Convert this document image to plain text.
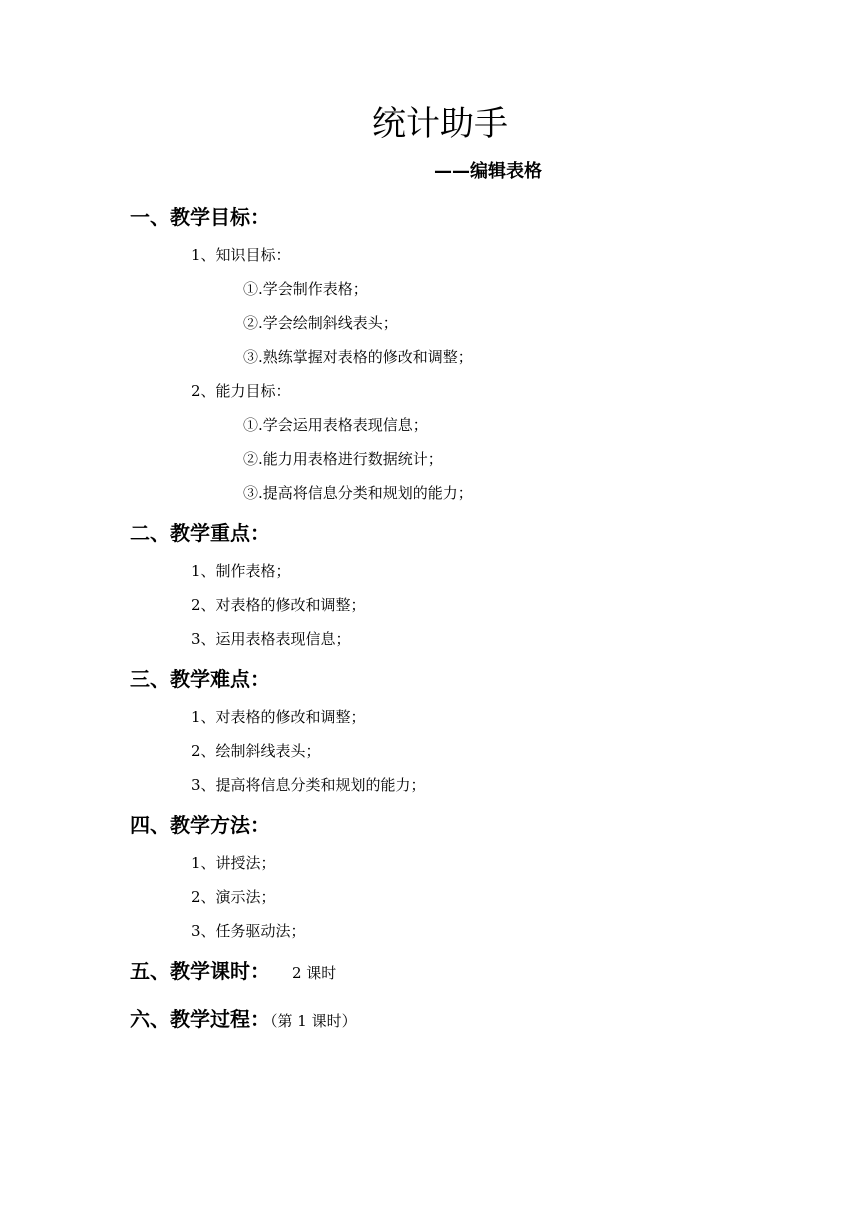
统计助手
——编辑表格
一、教学目标：
1、知识目标：
①.学会制作表格；
②.学会绘制斜线表头；
③.熟练掌握对表格的修改和调整；
2、能力目标：
①.学会运用表格表现信息；
②.能力用表格进行数据统计；
③.提高将信息分类和规划的能力；
二、教学重点：
1、制作表格；
2、对表格的修改和调整；
3、运用表格表现信息；
三、教学难点：
1、对表格的修改和调整；
2、绘制斜线表头；
3、提高将信息分类和规划的能力；
四、教学方法：
1、讲授法；
2、演示法；
3、任务驱动法；
五、教学课时： 2 课时
六、教学过程：（第 1 课时）
